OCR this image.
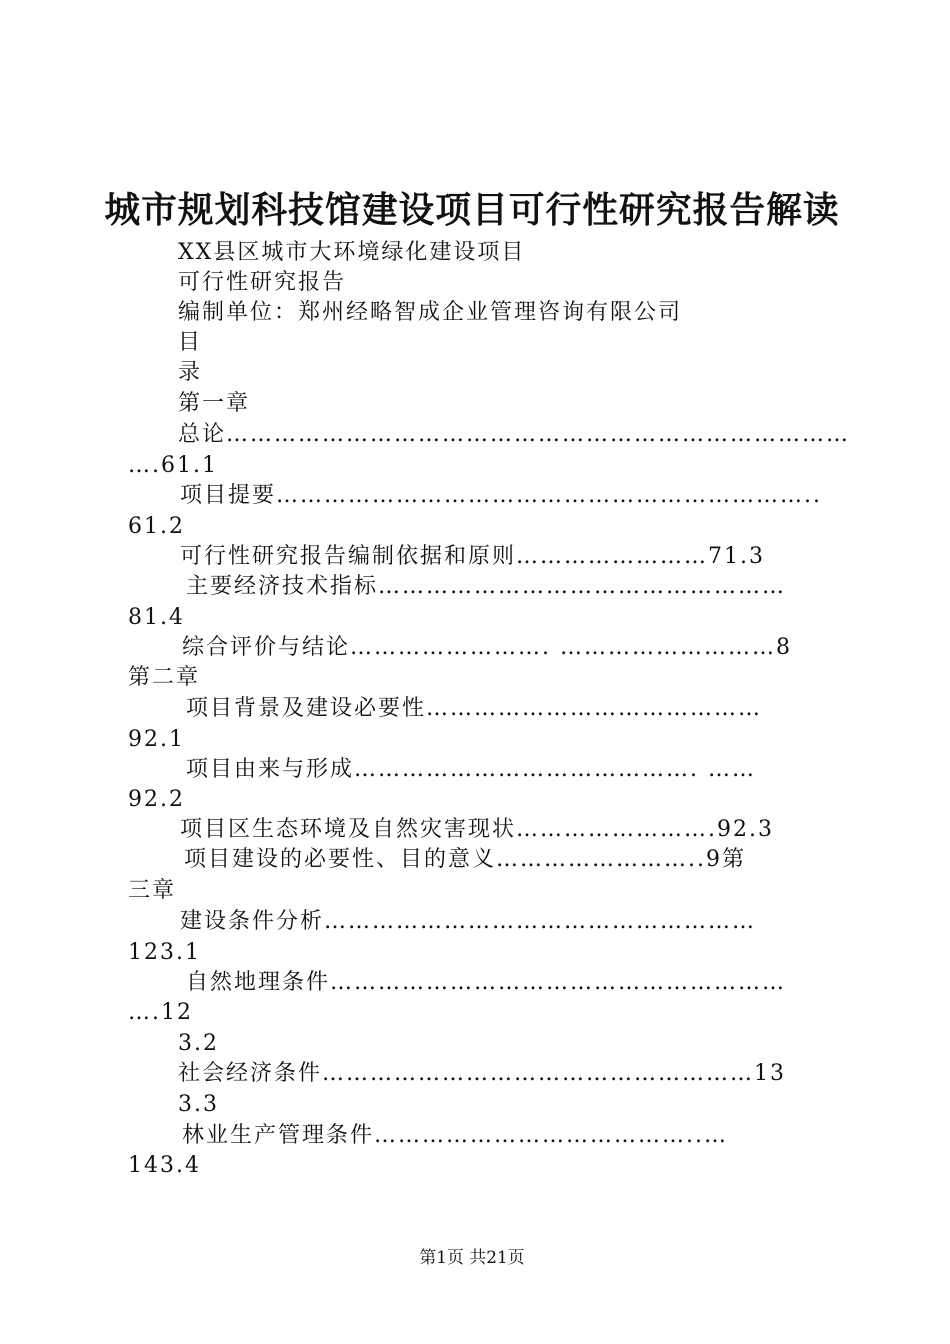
城市规划科技馆建设项目可行性研究报告解读
XX县区城市大环境绿化建设项目
可行性研究报告
编制单位：郑州经略智成企业管理咨询有限公司
目
录
第一章
总论……………………………………………………………………
….61.1
项目提要…………………………………………………………..
61.2
可行性研究报告编制依据和原则……………………71.3
主要经济技术指标……………………………………………
81.4
综合评价与结论……………………. ………………………8
第二章
项目背景及建设必要性……………………………………
92.1
项目由来与形成……………………………………. ……
92.2
项目区生态环境及自然灾害现状…………………….92.3
项目建设的必要性、目的意义……………………..9第
三章
建设条件分析………………………………………………
123.1
自然地理条件…………………………………………………
….12
3.2
社会经济条件………………………………………………13
3.3
林业生产管理条件…………………………………..…
143.4
第1页 共21页
